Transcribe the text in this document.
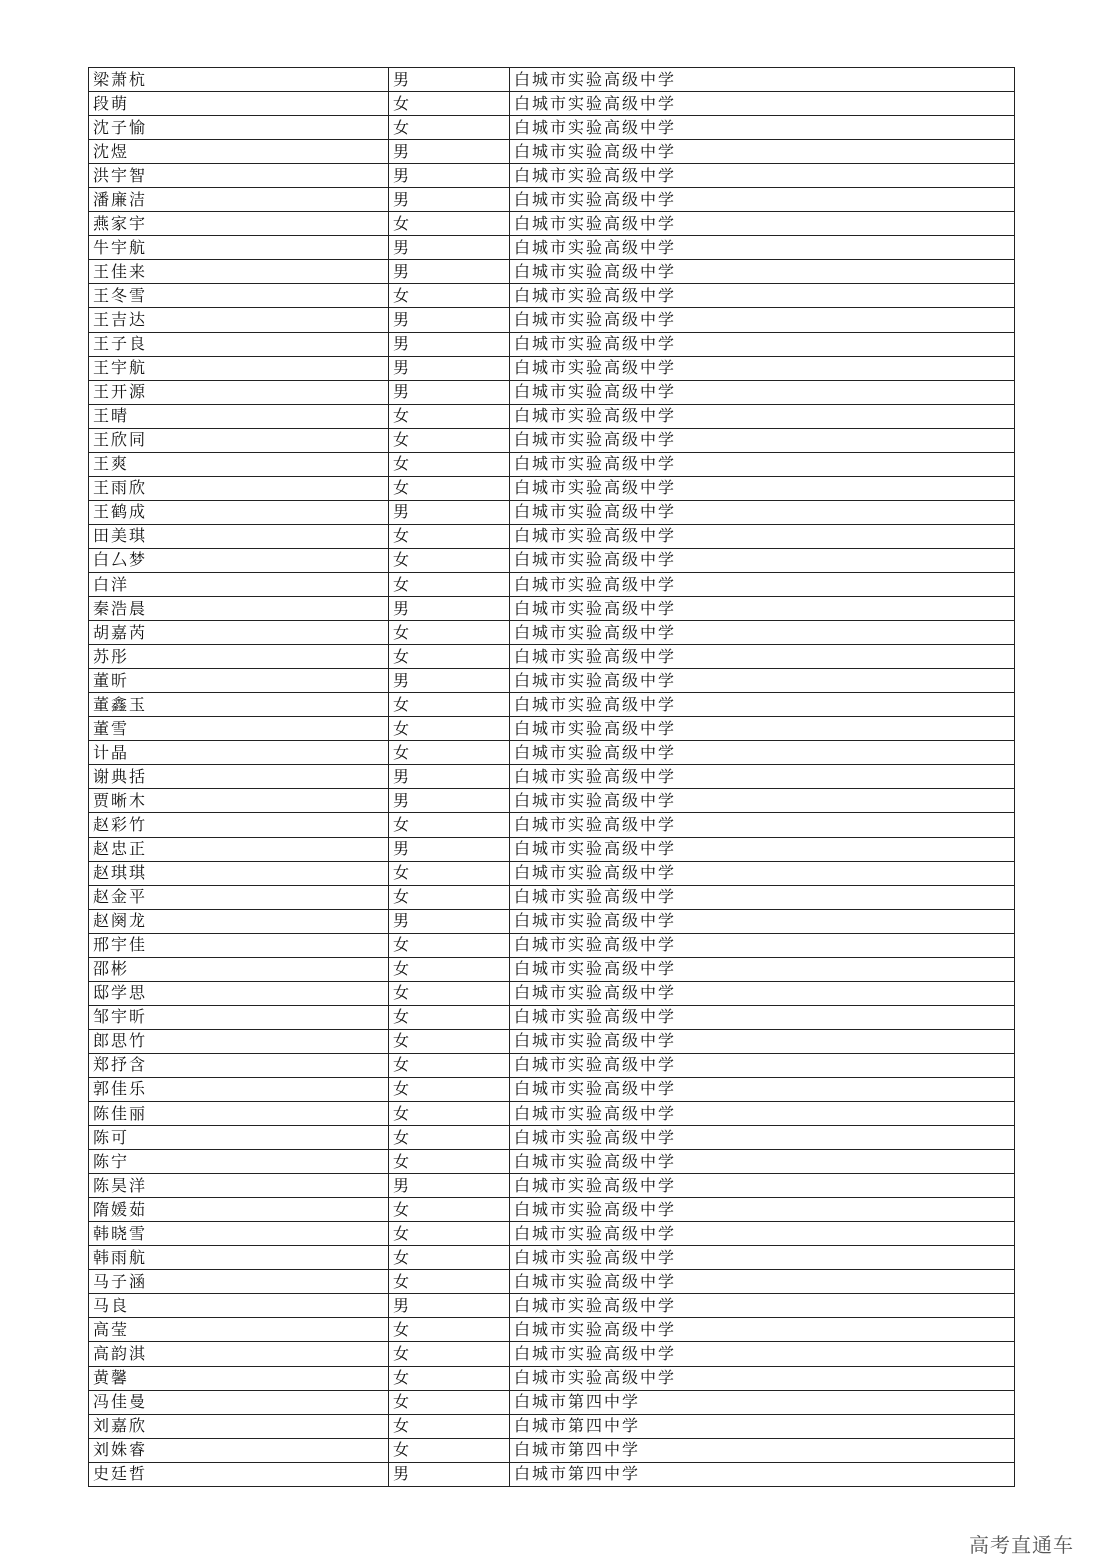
梁萧杭	男	白城市实验高级中学
段萌	女	白城市实验高级中学
沈子愉	女	白城市实验高级中学
沈煜	男	白城市实验高级中学
洪宇智	男	白城市实验高级中学
潘廉洁	男	白城市实验高级中学
燕家宇	女	白城市实验高级中学
牛宇航	男	白城市实验高级中学
王佳来	男	白城市实验高级中学
王冬雪	女	白城市实验高级中学
王吉达	男	白城市实验高级中学
王子良	男	白城市实验高级中学
王宇航	男	白城市实验高级中学
王开源	男	白城市实验高级中学
王晴	女	白城市实验高级中学
王欣同	女	白城市实验高级中学
王爽	女	白城市实验高级中学
王雨欣	女	白城市实验高级中学
王鹤成	男	白城市实验高级中学
田美琪	女	白城市实验高级中学
白厶梦	女	白城市实验高级中学
白洋	女	白城市实验高级中学
秦浩晨	男	白城市实验高级中学
胡嘉芮	女	白城市实验高级中学
苏彤	女	白城市实验高级中学
董昕	男	白城市实验高级中学
董鑫玉	女	白城市实验高级中学
董雪	女	白城市实验高级中学
计晶	女	白城市实验高级中学
谢典括	男	白城市实验高级中学
贾晰木	男	白城市实验高级中学
赵彩竹	女	白城市实验高级中学
赵忠正	男	白城市实验高级中学
赵琪琪	女	白城市实验高级中学
赵金平	女	白城市实验高级中学
赵阕龙	男	白城市实验高级中学
邢宇佳	女	白城市实验高级中学
邵彬	女	白城市实验高级中学
邸学思	女	白城市实验高级中学
邹宇昕	女	白城市实验高级中学
郎思竹	女	白城市实验高级中学
郑抒含	女	白城市实验高级中学
郭佳乐	女	白城市实验高级中学
陈佳丽	女	白城市实验高级中学
陈可	女	白城市实验高级中学
陈宁	女	白城市实验高级中学
陈昊洋	男	白城市实验高级中学
隋媛茹	女	白城市实验高级中学
韩晓雪	女	白城市实验高级中学
韩雨航	女	白城市实验高级中学
马子涵	女	白城市实验高级中学
马良	男	白城市实验高级中学
高莹	女	白城市实验高级中学
高韵淇	女	白城市实验高级中学
黄馨	女	白城市实验高级中学
冯佳曼	女	白城市第四中学
刘嘉欣	女	白城市第四中学
刘姝睿	女	白城市第四中学
史廷哲	男	白城市第四中学
高考直通车
